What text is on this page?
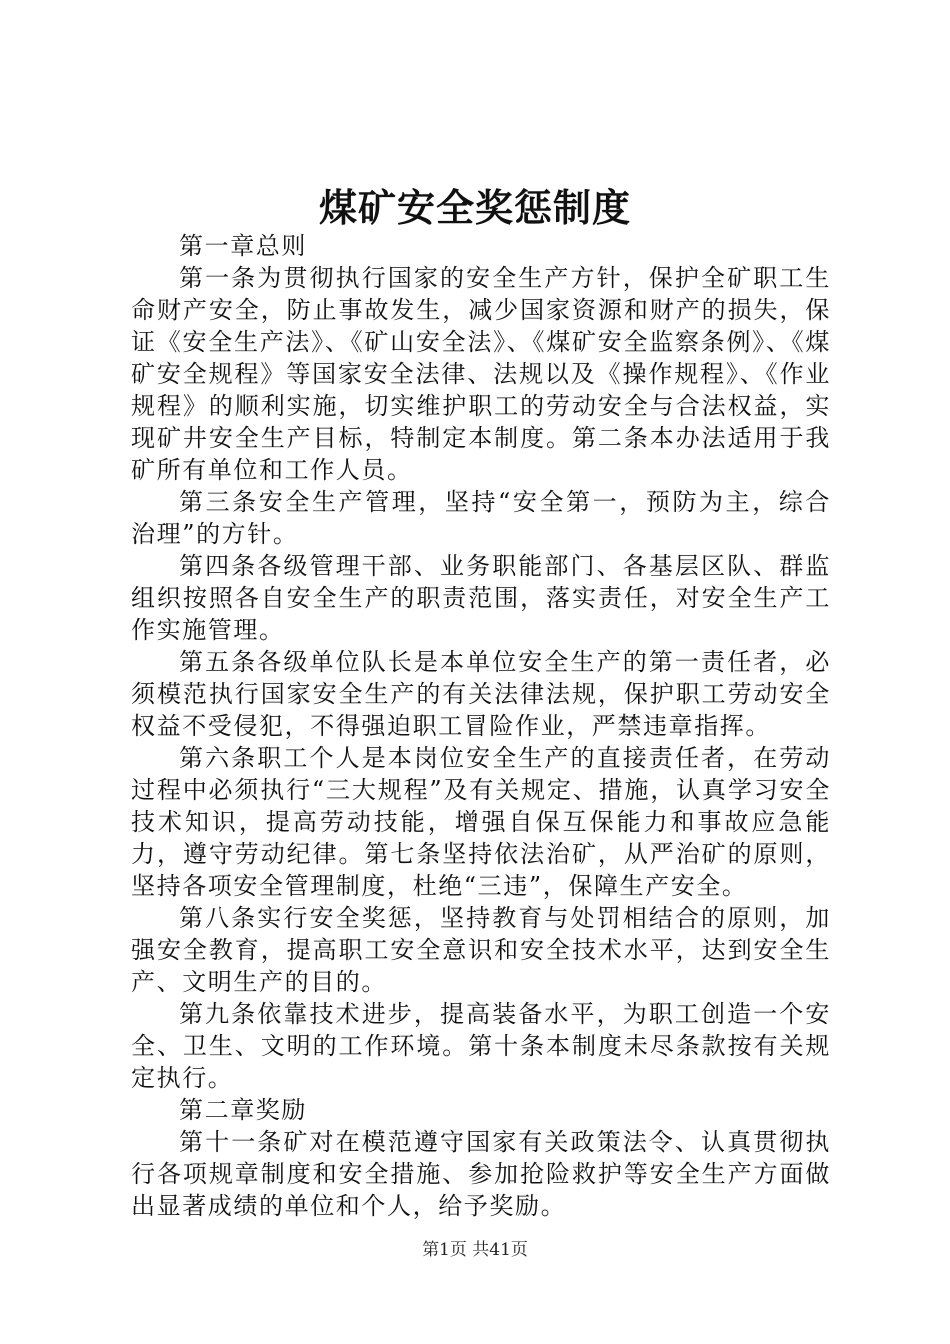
煤矿安全奖惩制度

第一章总则

第一条为贯彻执行国家的安全生产方针，保护全矿职工生命财产安全，防止事故发生，减少国家资源和财产的损失，保证《安全生产法》、《矿山安全法》、《煤矿安全监察条例》、《煤矿安全规程》等国家安全法律、法规以及《操作规程》、《作业规程》的顺利实施，切实维护职工的劳动安全与合法权益，实现矿井安全生产目标，特制定本制度。第二条本办法适用于我矿所有单位和工作人员。

第三条安全生产管理，坚持“安全第一，预防为主，综合治理”的方针。

第四条各级管理干部、业务职能部门、各基层区队、群监组织按照各自安全生产的职责范围，落实责任，对安全生产工作实施管理。

第五条各级单位队长是本单位安全生产的第一责任者，必须模范执行国家安全生产的有关法律法规，保护职工劳动安全权益不受侵犯，不得强迫职工冒险作业，严禁违章指挥。

第六条职工个人是本岗位安全生产的直接责任者，在劳动过程中必须执行“三大规程”及有关规定、措施，认真学习安全技术知识，提高劳动技能，增强自保互保能力和事故应急能力，遵守劳动纪律。第七条坚持依法治矿，从严治矿的原则，坚持各项安全管理制度，杜绝“三违”，保障生产安全。

第八条实行安全奖惩，坚持教育与处罚相结合的原则，加强安全教育，提高职工安全意识和安全技术水平，达到安全生产、文明生产的目的。

第九条依靠技术进步，提高装备水平，为职工创造一个安全、卫生、文明的工作环境。第十条本制度未尽条款按有关规定执行。

第二章奖励

第十一条矿对在模范遵守国家有关政策法令、认真贯彻执行各项规章制度和安全措施、参加抢险救护等安全生产方面做出显著成绩的单位和个人，给予奖励。

第1页 共41页
